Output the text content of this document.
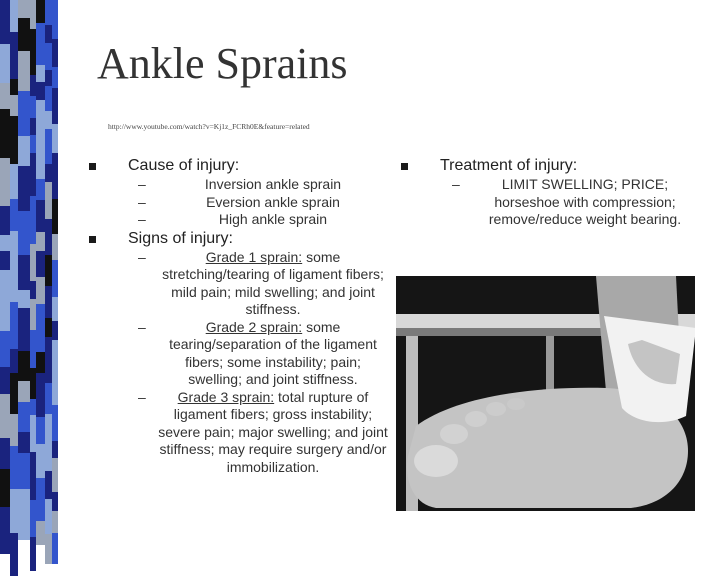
Ankle Sprains
http://www.youtube.com/watch?v=Kj1z_FCRh0E&feature=related
Cause of injury:
–	Inversion ankle sprain
–	Eversion ankle sprain
–	High ankle sprain
Signs of injury:
–	Grade 1 sprain: some stretching/tearing of ligament fibers; mild pain; mild swelling; and joint stiffness.
–	Grade 2 sprain: some tearing/separation of the ligament fibers; some instability; pain; swelling; and joint stiffness.
–	Grade 3 sprain: total rupture of ligament fibers; gross instability; severe pain; major swelling; and joint stiffness; may require surgery and/or immobilization.
Treatment of injury:
–	LIMIT SWELLING; PRICE; horseshoe with compression; remove/reduce weight bearing.
